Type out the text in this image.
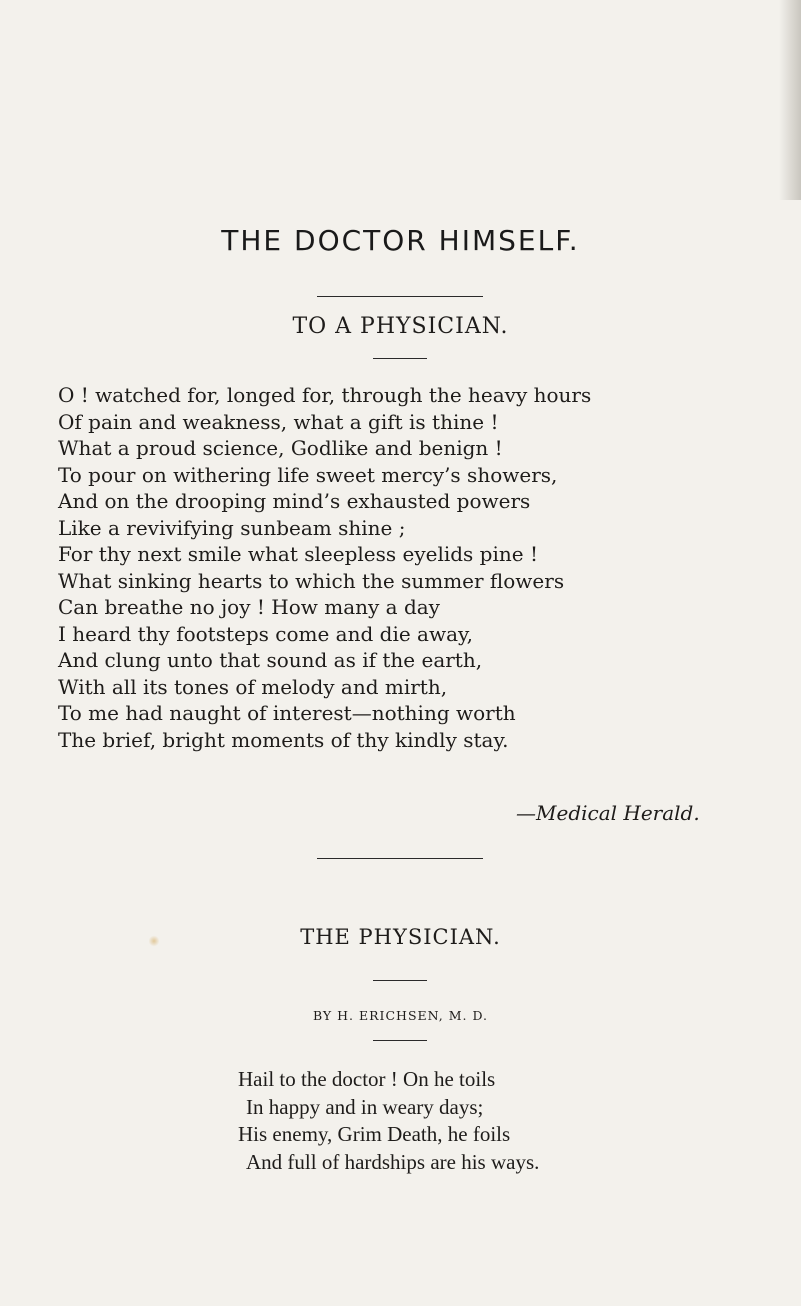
THE DOCTOR HIMSELF.
TO A PHYSICIAN.
O ! watched for, longed for, through the heavy hours
Of pain and weakness, what a gift is thine !
What a proud science, Godlike and benign !
To pour on withering life sweet mercy’s showers,
And on the drooping mind’s exhausted powers
Like a revivifying sunbeam shine ;
For thy next smile what sleepless eyelids pine !
What sinking hearts to which the summer flowers
Can breathe no joy ! How many a day
I heard thy footsteps come and die away,
And clung unto that sound as if the earth,
With all its tones of melody and mirth,
To me had naught of interest—nothing worth
The brief, bright moments of thy kindly stay.
—Medical Herald.
THE PHYSICIAN.
BY H. ERICHSEN, M. D.
Hail to the doctor ! On he toils
In happy and in weary days;
His enemy, Grim Death, he foils
And full of hardships are his ways.
